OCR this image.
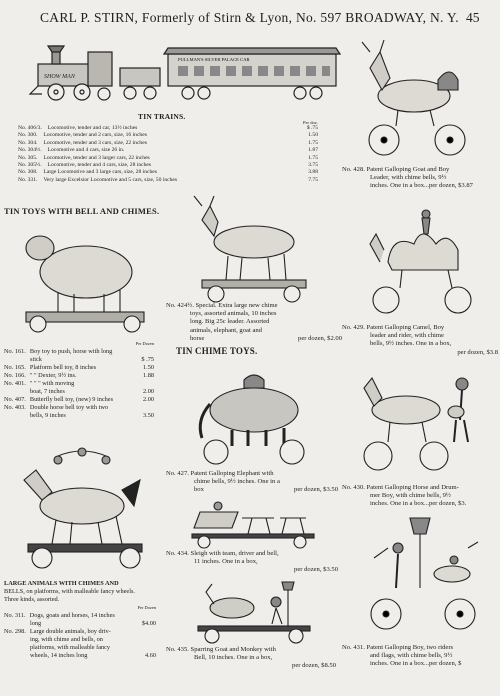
CARL P. STIRN, Formerly of Stirn & Lyon, No. 597 BROADWAY, N. Y. 45
SHOW MAN
PULLMAN'S SILVER PALACE CAR
TIN TRAINS.
Per doz.
No. 406/3. Locomotive, tender and car, 13½ inches	$ .75
No. 300. Locomotive, tender and 2 cars, size, 16 inches	1.50
No. 304. Locomotive, tender and 3 cars, size, 22 inches	1.75
No. 304½. Locomotive and 4 cars, size 26 in.	1.87
No. 305. Locomotive, tender and 3 larger cars, 22 inches	1.75
No. 305½. Locomotive, tender and 4 cars, size, 28 inches	3.75
No. 308. Large Locomotive and 3 large cars, size, 28 inches	3.88
No. 331. Very large Excelsior Locomotive and 5 cars, size, 50 inches	7.75
TIN TOYS WITH BELL AND CHIMES.
Per Dozen
No. 161. Boy toy to push, horse with long
stick	$ .75
No. 165. Platform bell toy, 8 inches	1.50
No. 166. " " Dexter, 9½ ins.	1.88
No. 401. " " " with moving
boat, 7 inches	2.00
No. 407. Butterfly bell toy, (new) 9 inches	2.00
No. 403. Double horse bell toy with two
bells, 9 inches	3.50
LARGE ANIMALS WITH CHIMES AND
BELLS, on platforms, with malleable fancy wheels.
Three kinds, assorted.
Per Dozen
No. 311. Dogs, goats and horses, 14 inches
long	$4.00
No. 298. Large double animals, boy driv-
ing, with chime and bells, on
platforms, with malleable fancy
wheels, 14 inches long	4.60
No. 424½. Special. Extra large new chime
toys, assorted animals, 10 inches
long. Big 25c leader. Assorted
animals, elephant, goat and
horse	per dozen, $2.00
TIN CHIME TOYS.
No. 427. Patent Galloping Elephant with
chime bells, 9½ inches. One in a
box	per dozen, $3.50
No. 434. Sleigh with team, driver and bell,
11 inches. One in a box,
per dozen, $3.50
No. 435. Sparring Goat and Monkey with
Bell, 10 inches. One in a box,
per dozen, $8.50
No. 428. Patent Galloping Goat and Boy
Leader, with chime bells, 9½
inches. One in a box...per dozen, $3.87
No. 429. Patent Galloping Camel, Boy
leader and rider, with chime
bells, 9½ inches. One in a box,
per dozen, $3.8
No. 430. Patent Galloping Horse and Drum-
mer Boy, with chime bells, 9½
inches. One in a box...per dozen, $3.
No. 431. Patent Galloping Boy, two riders
and flags, with chime bells, 9½
inches. One in a box...per dozen, $
